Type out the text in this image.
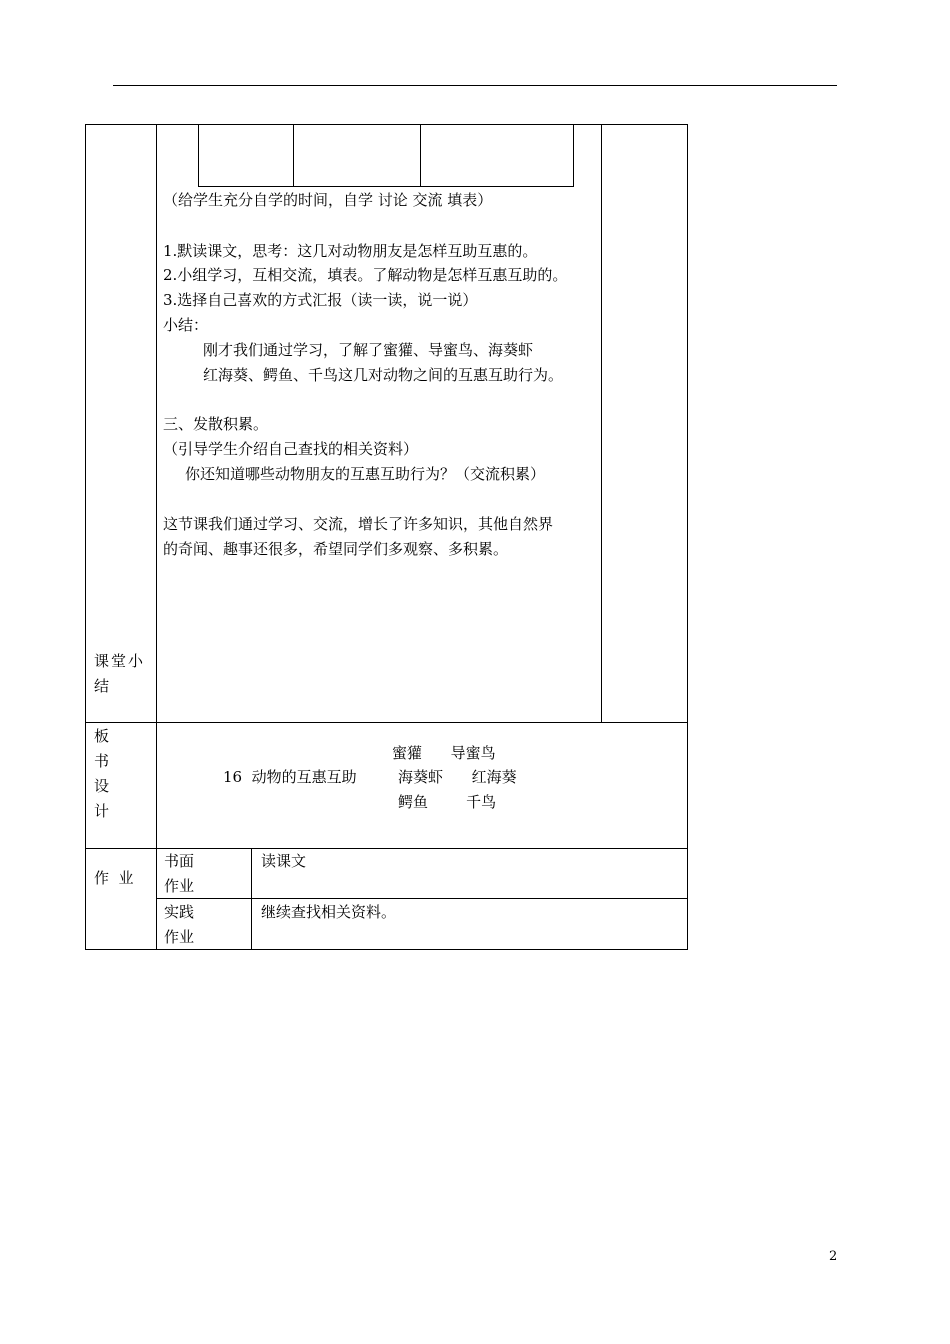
（给学生充分自学的时间，自学 讨论 交流 填表）
1.默读课文，思考：这几对动物朋友是怎样互助互惠的。
2.小组学习，互相交流，填表。了解动物是怎样互惠互助的。
3.选择自己喜欢的方式汇报（读一读，说一说）
小结：
刚才我们通过学习，了解了蜜獾、导蜜鸟、海葵虾
红海葵、鳄鱼、千鸟这几对动物之间的互惠互助行为。
三、发散积累。
（引导学生介绍自己查找的相关资料）
你还知道哪些动物朋友的互惠互助行为？（交流积累）
这节课我们通过学习、交流，增长了许多知识，其他自然界
的奇闻、趣事还很多，希望同学们多观察、多积累。
课堂小
结
板
书
设
计
蜜獾      导蜜鸟
16  动物的互惠互助	海葵虾      红海葵
鳄鱼        千鸟
作  业
书面
作业
读课文
实践
作业
继续查找相关资料。
2
